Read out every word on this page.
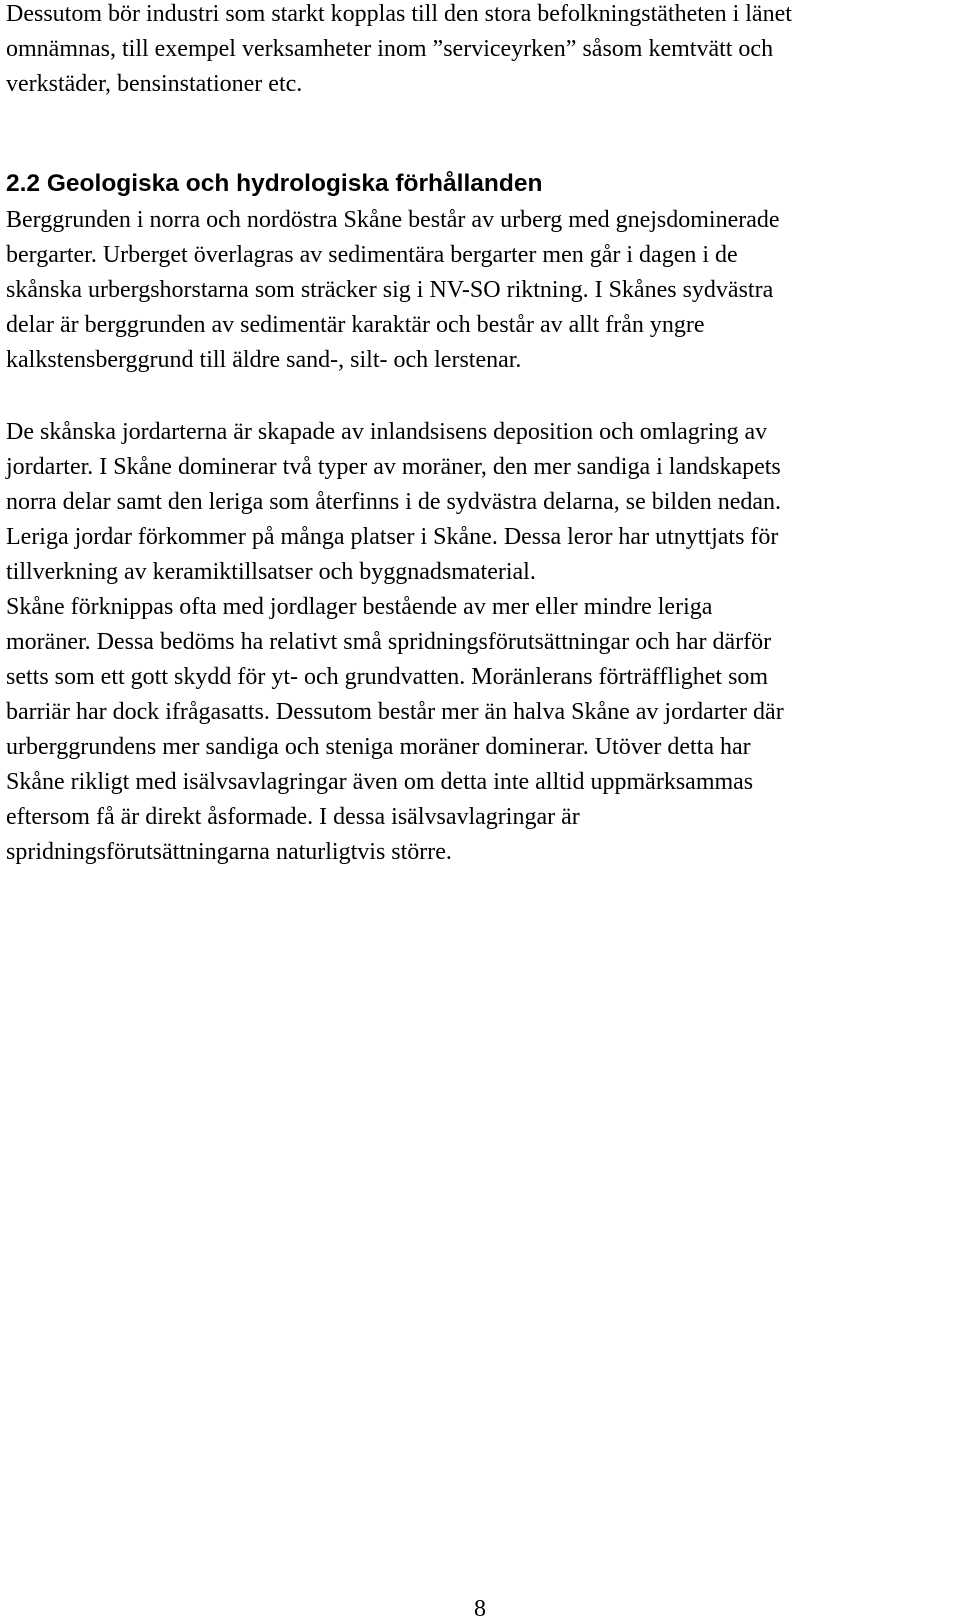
Dessutom bör industri som starkt kopplas till den stora befolkningstätheten i länet
omnämnas, till exempel verksamheter inom ”serviceyrken” såsom kemtvätt och
verkstäder, bensinstationer etc.
2.2 Geologiska och hydrologiska förhållanden
Berggrunden i norra och nordöstra Skåne består av urberg med gnejsdominerade
bergarter. Urberget överlagras av sedimentära bergarter men går i dagen i de
skånska urbergshorstarna som sträcker sig i NV-SO riktning. I Skånes sydvästra
delar är berggrunden av sedimentär karaktär och består av allt från yngre
kalkstensberggrund till äldre sand-, silt- och lerstenar.
De skånska jordarterna är skapade av inlandsisens deposition och omlagring av
jordarter. I Skåne dominerar två typer av moräner, den mer sandiga i landskapets
norra delar samt den leriga som återfinns i de sydvästra delarna, se bilden nedan.
Leriga jordar förkommer på många platser i Skåne. Dessa leror har utnyttjats för
tillverkning av keramiktillsatser och byggnadsmaterial.
Skåne förknippas ofta med jordlager bestående av mer eller mindre leriga
moräner. Dessa bedöms ha relativt små spridningsförutsättningar och har därför
setts som ett gott skydd för yt- och grundvatten. Moränlerans förträfflighet som
barriär har dock ifrågasatts. Dessutom består mer än halva Skåne av jordarter där
urberggrundens mer sandiga och steniga moräner dominerar. Utöver detta har
Skåne rikligt med isälvsavlagringar även om detta inte alltid uppmärksammas
eftersom få är direkt åsformade. I dessa isälvsavlagringar är
spridningsförutsättningarna naturligtvis större.
8
